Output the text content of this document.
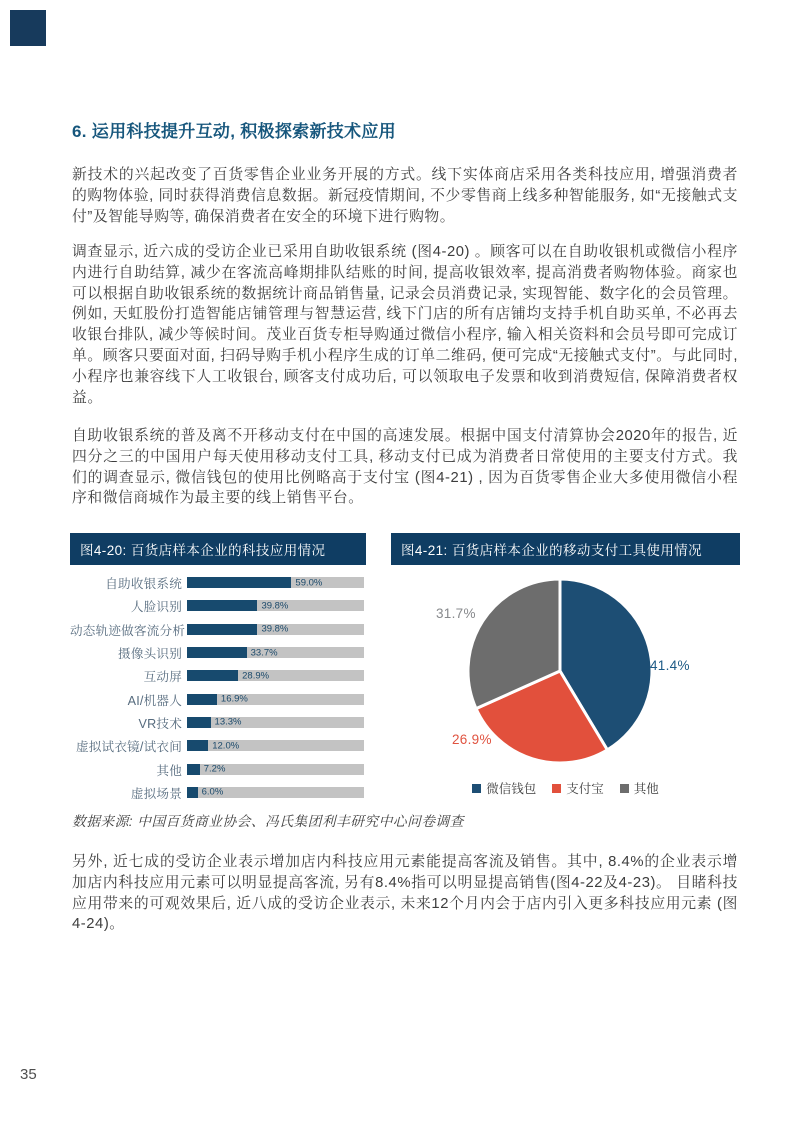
6. 运用科技提升互动, 积极探索新技术应用

新技术的兴起改变了百货零售企业业务开展的方式。线下实体商店采用各类科技应用, 增强消费者的购物体验, 同时获得消费信息数据。新冠疫情期间, 不少零售商上线多种智能服务, 如“无接触式支付”及智能导购等, 确保消费者在安全的环境下进行购物。

调查显示, 近六成的受访企业已采用自助收银系统 (图4-20) 。顾客可以在自助收银机或微信小程序内进行自助结算, 减少在客流高峰期排队结账的时间, 提高收银效率, 提高消费者购物体验。商家也可以根据自助收银系统的数据统计商品销售量, 记录会员消费记录, 实现智能、数字化的会员管理。例如, 天虹股份打造智能店铺管理与智慧运营, 线下门店的所有店铺均支持手机自助买单, 不必再去收银台排队, 减少等候时间。茂业百货专柜导购通过微信小程序, 输入相关资料和会员号即可完成订单。顾客只要面对面, 扫码导购手机小程序生成的订单二维码, 便可完成“无接触式支付”。与此同时, 小程序也兼容线下人工收银台, 顾客支付成功后, 可以领取电子发票和收到消费短信, 保障消费者权益。

自助收银系统的普及离不开移动支付在中国的高速发展。根据中国支付清算协会2020年的报告, 近四分之三的中国用户每天使用移动支付工具, 移动支付已成为消费者日常使用的主要支付方式。我们的调查显示, 微信钱包的使用比例略高于支付宝 (图4-21) , 因为百货零售企业大多使用微信小程序和微信商城作为最主要的线上销售平台。

图4-20: 百货店样本企业的科技应用情况	图4-21: 百货店样本企业的移动支付工具使用情况
自助收银系统	59.0%
人脸识别	39.8%
动态轨迹做客流分析	39.8%
摄像头识别	33.7%
互动屏	28.9%
AI/机器人	16.9%
VR技术	13.3%
虚拟试衣镜/试衣间	12.0%
其他	7.2%
虚拟场景	6.0%
41.4%
26.9%
31.7%
微信钱包 支付宝 其他

数据来源: 中国百货商业协会、冯氏集团利丰研究中心问卷调查

另外, 近七成的受访企业表示增加店内科技应用元素能提高客流及销售。其中, 8.4%的企业表示增加店内科技应用元素可以明显提高客流, 另有8.4%指可以明显提高销售(图4-22及4-23)。 目睹科技应用带来的可观效果后, 近八成的受访企业表示, 未来12个月内会于店内引入更多科技应用元素 (图4-24)。

35
